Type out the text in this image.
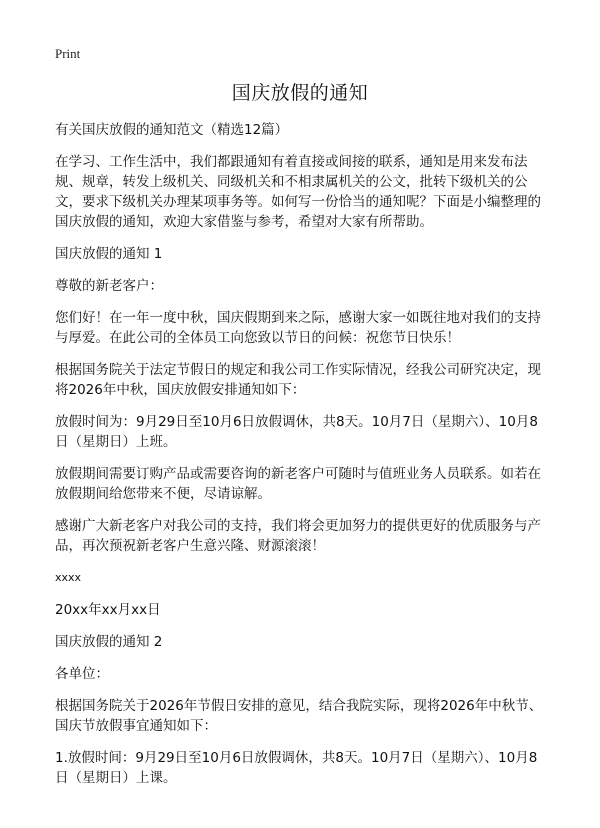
Print
国庆放假的通知

有关国庆放假的通知范文（精选12篇）

在学习、工作生活中，我们都跟通知有着直接或间接的联系，通知是用来发布法规、规章，转发上级机关、同级机关和不相隶属机关的公文，批转下级机关的公文，要求下级机关办理某项事务等。如何写一份恰当的通知呢？下面是小编整理的国庆放假的通知，欢迎大家借鉴与参考，希望对大家有所帮助。

国庆放假的通知 1

尊敬的新老客户：

您们好！在一年一度中秋，国庆假期到来之际，感谢大家一如既往地对我们的支持与厚爱。在此公司的全体员工向您致以节日的问候：祝您节日快乐！

根据国务院关于法定节假日的规定和我公司工作实际情况，经我公司研究决定，现将2026年中秋，国庆放假安排通知如下：

放假时间为：9月29日至10月6日放假调休，共8天。10月7日（星期六）、10月8日（星期日）上班。

放假期间需要订购产品或需要咨询的新老客户可随时与值班业务人员联系。如若在放假期间给您带来不便，尽请谅解。

感谢广大新老客户对我公司的支持，我们将会更加努力的提供更好的优质服务与产品，再次预祝新老客户生意兴隆、财源滚滚！

xxxx

20xx年xx月xx日

国庆放假的通知 2

各单位：

根据国务院关于2026年节假日安排的意见，结合我院实际，现将2026年中秋节、国庆节放假事宜通知如下：

1.放假时间：9月29日至10月6日放假调休，共8天。10月7日（星期六）、10月8日（星期日）上课。
